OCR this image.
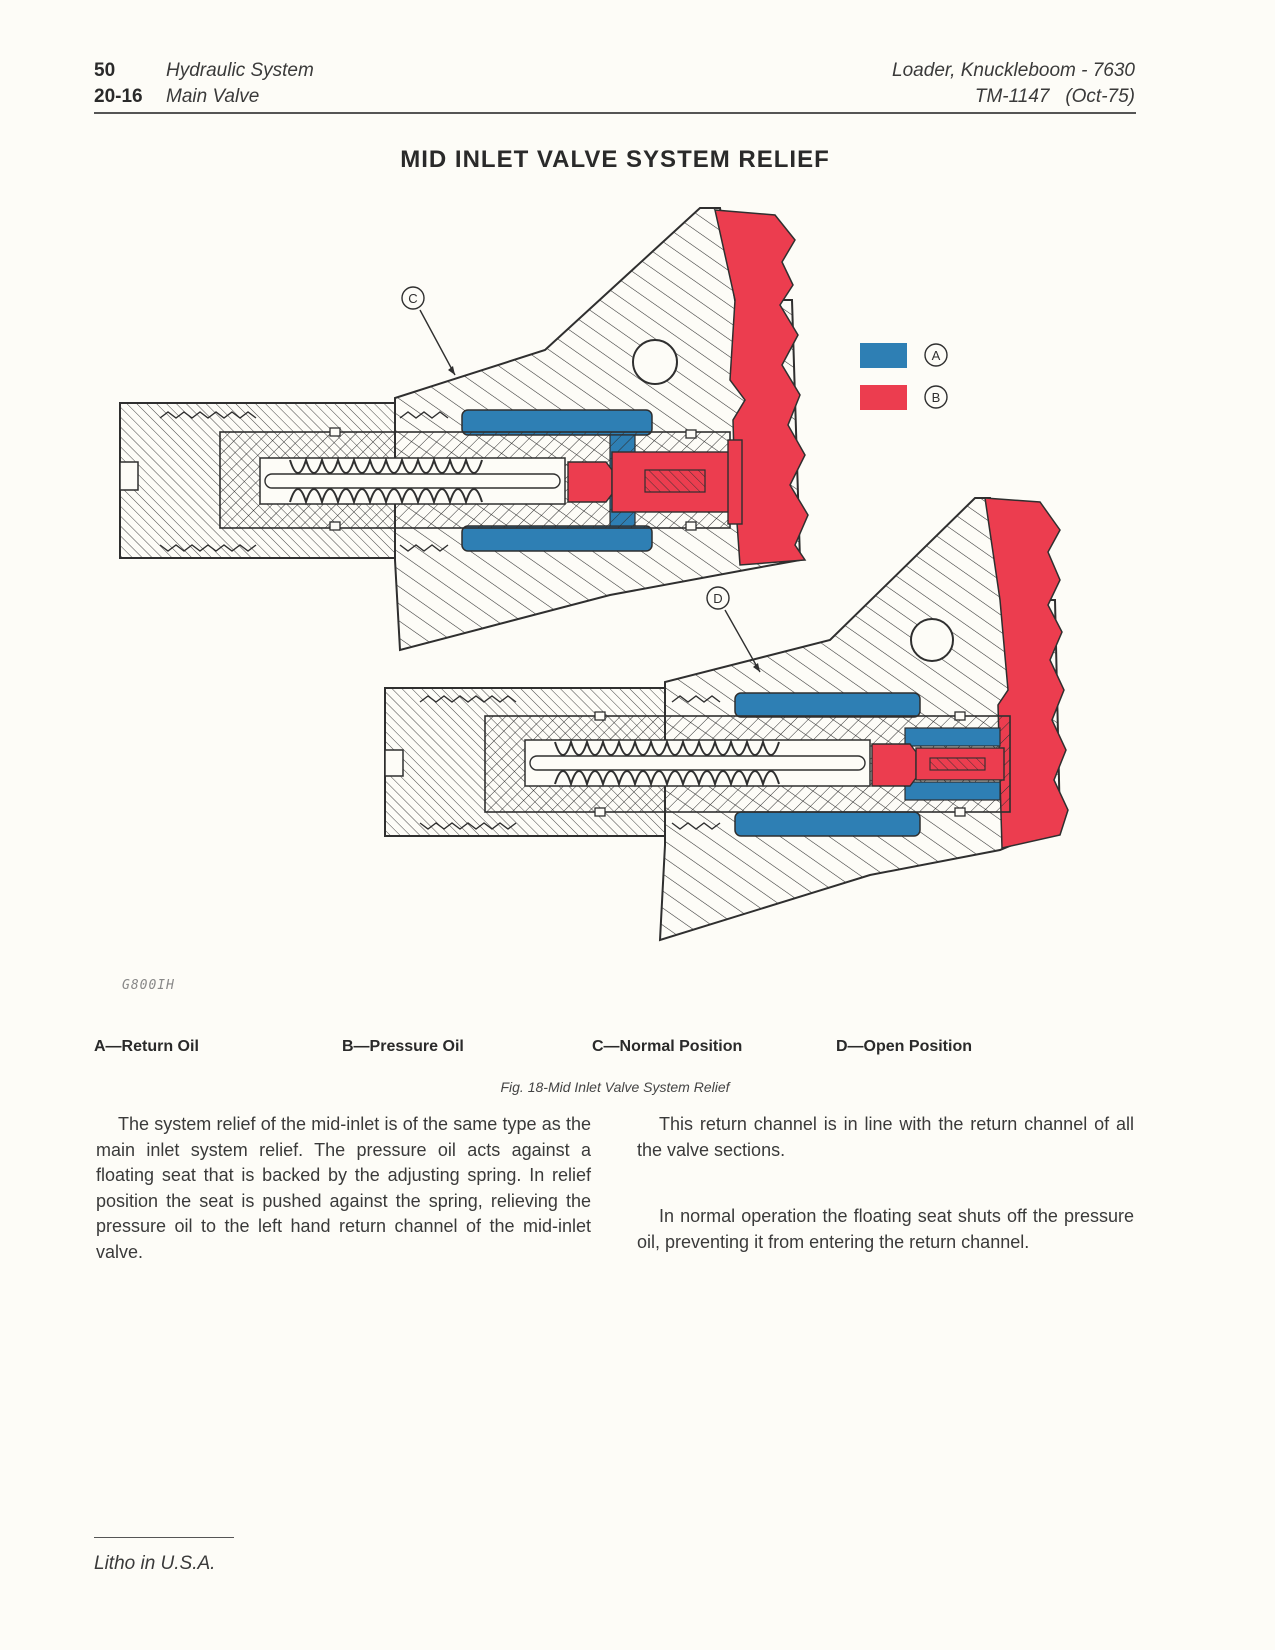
50	Hydraulic System
20-16 Main Valve
Loader, Knuckleboom - 7630
TM-1147   (Oct-75)
MID INLET VALVE SYSTEM RELIEF
C
D
A
B
G800IH
A—Return Oil	B—Pressure Oil	C—Normal Position	D—Open Position
Fig. 18-Mid Inlet Valve System Relief

The system relief of the mid-inlet is of the same type as the main inlet system relief. The pressure oil acts against a floating seat that is backed by the adjusting spring. In relief position the seat is pushed against the spring, relieving the pressure oil to the left hand return channel of the mid-inlet valve.

This return channel is in line with the return channel of all the valve sections.

In normal operation the floating seat shuts off the pressure oil, preventing it from entering the return channel.

Litho in U.S.A.
